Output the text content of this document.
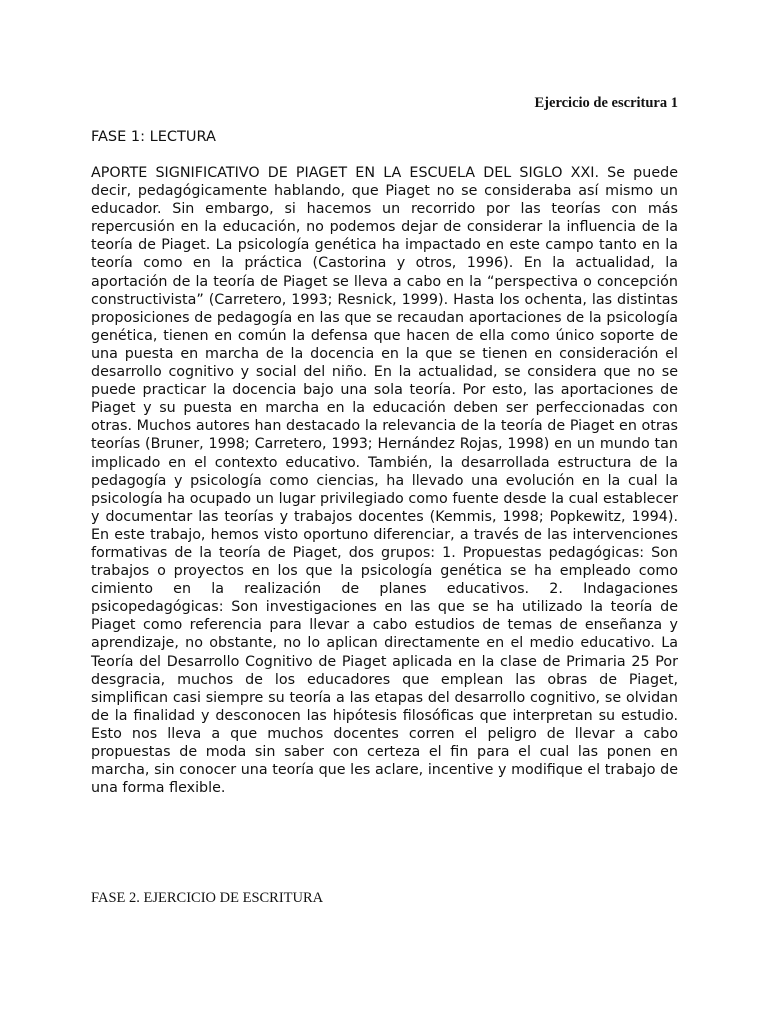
Ejercicio de escritura 1
FASE 1: LECTURA

APORTE SIGNIFICATIVO DE PIAGET EN LA ESCUELA DEL SIGLO XXI. Se puede decir, pedagógicamente hablando, que Piaget no se consideraba así mismo un educador. Sin embargo, si hacemos un recorrido por las teorías con más repercusión en la educación, no podemos dejar de considerar la influencia de la teoría de Piaget. La psicología genética ha impactado en este campo tanto en la teoría como en la práctica (Castorina y otros, 1996). En la actualidad, la aportación de la teoría de Piaget se lleva a cabo en la “perspectiva o concepción constructivista” (Carretero, 1993; Resnick, 1999). Hasta los ochenta, las distintas proposiciones de pedagogía en las que se recaudan aportaciones de la psicología genética, tienen en común la defensa que hacen de ella como único soporte de una puesta en marcha de la docencia en la que se tienen en consideración el desarrollo cognitivo y social del niño. En la actualidad, se considera que no se puede practicar la docencia bajo una sola teoría. Por esto, las aportaciones de Piaget y su puesta en marcha en la educación deben ser perfeccionadas con otras. Muchos autores han destacado la relevancia de la teoría de Piaget en otras teorías (Bruner, 1998; Carretero, 1993; Hernández Rojas, 1998) en un mundo tan implicado en el contexto educativo. También, la desarrollada estructura de la pedagogía y psicología como ciencias, ha llevado una evolución en la cual la psicología ha ocupado un lugar privilegiado como fuente desde la cual establecer y documentar las teorías y trabajos docentes (Kemmis, 1998; Popkewitz, 1994). En este trabajo, hemos visto oportuno diferenciar, a través de las intervenciones formativas de la teoría de Piaget, dos grupos: 1. Propuestas pedagógicas: Son trabajos o proyectos en los que la psicología genética se ha empleado como cimiento en la realización de planes educativos. 2. Indagaciones psicopedagógicas: Son investigaciones en las que se ha utilizado la teoría de Piaget como referencia para llevar a cabo estudios de temas de enseñanza y aprendizaje, no obstante, no lo aplican directamente en el medio educativo. La Teoría del Desarrollo Cognitivo de Piaget aplicada en la clase de Primaria 25 Por desgracia, muchos de los educadores que emplean las obras de Piaget, simplifican casi siempre su teoría a las etapas del desarrollo cognitivo, se olvidan de la finalidad y desconocen las hipótesis filosóficas que interpretan su estudio. Esto nos lleva a que muchos docentes corren el peligro de llevar a cabo propuestas de moda sin saber con certeza el fin para el cual las ponen en marcha, sin conocer una teoría que les aclare, incentive y modifique el trabajo de una forma flexible.

FASE 2. EJERCICIO DE ESCRITURA
